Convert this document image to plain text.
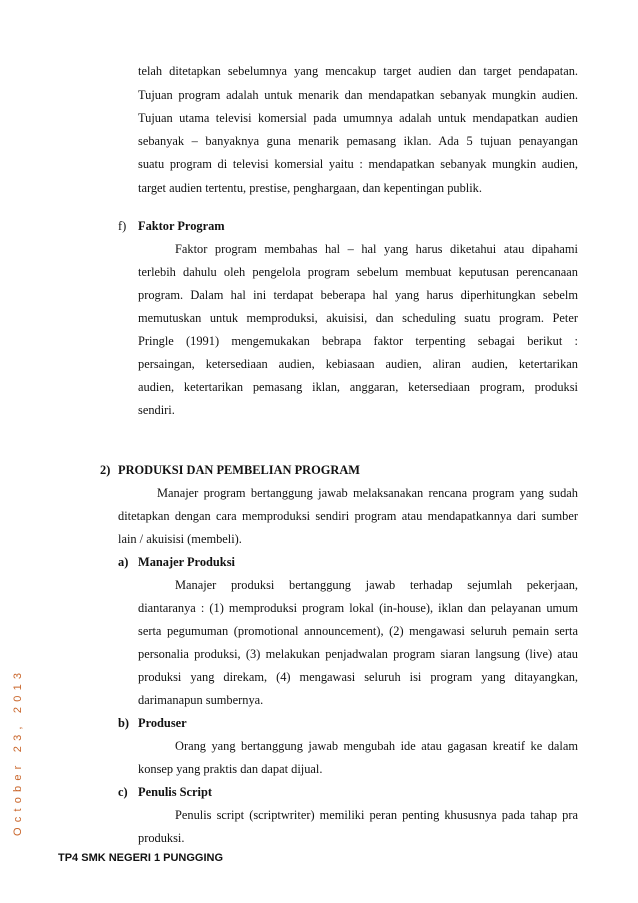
telah ditetapkan sebelumnya yang mencakup target audien dan target pendapatan.
Tujuan program adalah untuk menarik dan mendapatkan sebanyak mungkin audien.
Tujuan utama televisi komersial pada umumnya adalah untuk mendapatkan audien
sebanyak – banyaknya guna menarik pemasang iklan. Ada 5 tujuan penayangan
suatu program di televisi komersial yaitu : mendapatkan sebanyak mungkin audien,
target audien tertentu, prestise, penghargaan, dan kepentingan publik.
f) Faktor Program
Faktor program membahas hal – hal yang harus diketahui atau dipahami
terlebih dahulu oleh pengelola program sebelum membuat keputusan perencanaan
program. Dalam hal ini terdapat beberapa hal yang harus diperhitungkan sebelm
memutuskan untuk memproduksi, akuisisi, dan scheduling suatu program. Peter
Pringle (1991) mengemukakan bebrapa faktor terpenting sebagai berikut :
persaingan, ketersediaan audien, kebiasaan audien, aliran audien, ketertarikan
audien, ketertarikan pemasang iklan, anggaran, ketersediaan program, produksi
sendiri.
2) PRODUKSI DAN PEMBELIAN PROGRAM
Manajer program bertanggung jawab melaksanakan rencana program yang sudah
ditetapkan dengan cara memproduksi sendiri program atau mendapatkannya dari sumber
lain / akuisisi (membeli).
a) Manajer Produksi
Manajer produksi bertanggung jawab terhadap sejumlah pekerjaan,
diantaranya : (1) memproduksi program lokal (in-house), iklan dan pelayanan umum
serta pegumuman (promotional announcement), (2) mengawasi seluruh pemain serta
personalia produksi, (3) melakukan penjadwalan program siaran langsung (live) atau
produksi yang direkam, (4) mengawasi seluruh isi program yang ditayangkan,
darimanapun sumbernya.
b) Produser
Orang yang bertanggung jawab mengubah ide atau gagasan kreatif ke dalam
konsep yang praktis dan dapat dijual.
c) Penulis Script
Penulis script (scriptwriter) memiliki peran penting khususnya pada tahap pra
produksi.
October 23, 2013
TP4 SMK NEGERI 1 PUNGGING
